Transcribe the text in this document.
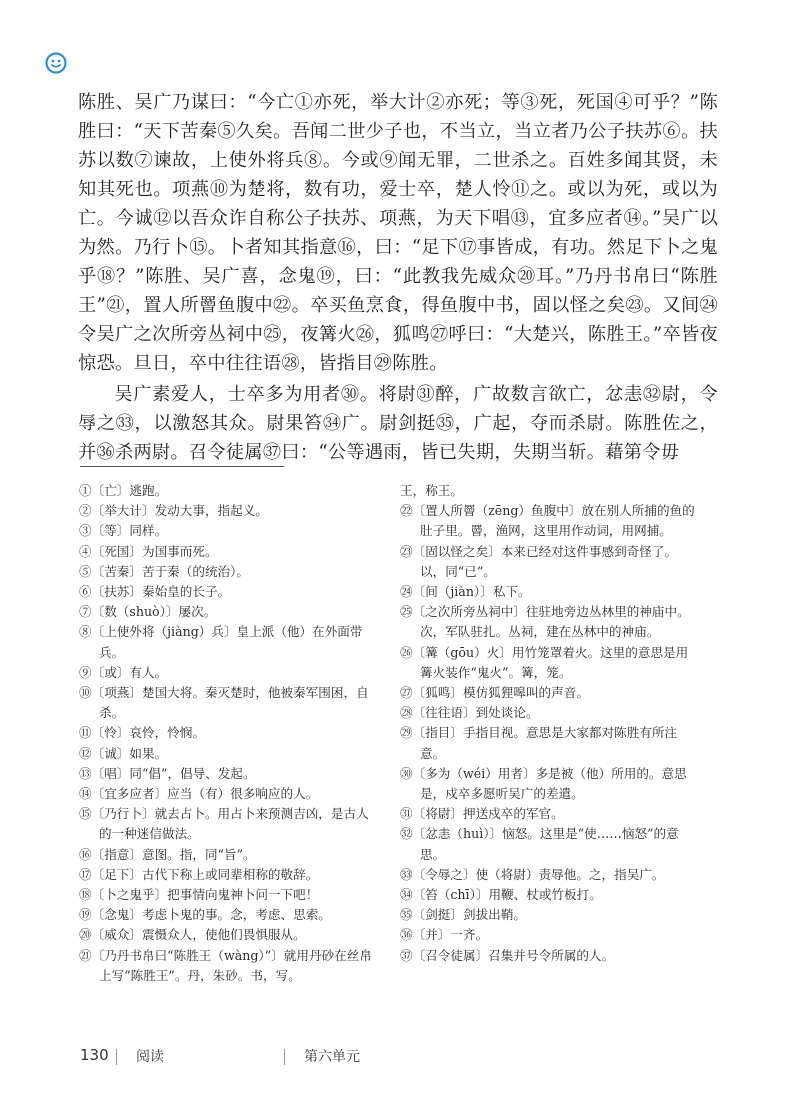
陈胜、吴广乃谋曰：“今亡①亦死，举大计②亦死；等③死，死国④可乎？”陈胜曰：“天下苦秦⑤久矣。吾闻二世少子也，不当立，当立者乃公子扶苏⑥。扶苏以数⑦谏故，上使外将兵⑧。今或⑨闻无罪，二世杀之。百姓多闻其贤，未知其死也。项燕⑩为楚将，数有功，爱士卒，楚人怜⑪之。或以为死，或以为亡。今诚⑫以吾众诈自称公子扶苏、项燕，为天下唱⑬，宜多应者⑭。”吴广以为然。乃行卜⑮。卜者知其指意⑯，曰：“足下⑰事皆成，有功。然足下卜之鬼乎⑱？”陈胜、吴广喜，念鬼⑲，曰：“此教我先威众⑳耳。”乃丹书帛曰“陈胜王”㉑，置人所罾鱼腹中㉒。卒买鱼烹食，得鱼腹中书，固以怪之矣㉓。又间㉔令吴广之次所旁丛祠中㉕，夜篝火㉖，狐鸣㉗呼曰：“大楚兴，陈胜王。”卒皆夜惊恐。旦日，卒中往往语㉘，皆指目㉙陈胜。

吴广素爱人，士卒多为用者㉚。将尉㉛醉，广故数言欲亡，忿恚㉜尉，令辱之㉝，以激怒其众。尉果笞㉞广。尉剑挺㉟，广起，夺而杀尉。陈胜佐之，并㊱杀两尉。召令徒属㊲曰：“公等遇雨，皆已失期，失期当斩。藉第令毋

①〔亡〕逃跑。

②〔举大计〕发动大事，指起义。

③〔等〕同样。

④〔死国〕为国事而死。

⑤〔苦秦〕苦于秦（的统治）。

⑥〔扶苏〕秦始皇的长子。

⑦〔数（shuò）〕屡次。

⑧〔上使外将（jiàng）兵〕皇上派（他）在外面带兵。

⑨〔或〕有人。

⑩〔项燕〕楚国大将。秦灭楚时，他被秦军围困，自杀。

⑪〔怜〕哀怜，怜悯。

⑫〔诚〕如果。

⑬〔唱〕同“倡”，倡导、发起。

⑭〔宜多应者〕应当（有）很多响应的人。

⑮〔乃行卜〕就去占卜。用占卜来预测吉凶，是古人的一种迷信做法。

⑯〔指意〕意图。指，同“旨”。

⑰〔足下〕古代下称上或同辈相称的敬辞。

⑱〔卜之鬼乎〕把事情向鬼神卜问一下吧！

⑲〔念鬼〕考虑卜鬼的事。念，考虑、思索。

⑳〔威众〕震慑众人，使他们畏惧服从。

㉑〔乃丹书帛曰“陈胜王（wàng）”〕就用丹砂在丝帛上写“陈胜王”。丹，朱砂。书，写。

王，称王。

㉒〔置人所罾（zēng）鱼腹中〕放在别人所捕的鱼的肚子里。罾，渔网，这里用作动词，用网捕。

㉓〔固以怪之矣〕本来已经对这件事感到奇怪了。以，同“已”。

㉔〔间（jiàn）〕私下。

㉕〔之次所旁丛祠中〕往驻地旁边丛林里的神庙中。次，军队驻扎。丛祠，建在丛林中的神庙。

㉖〔篝（gōu）火〕用竹笼罩着火。这里的意思是用篝火装作“鬼火”。篝，笼。

㉗〔狐鸣〕模仿狐狸嗥叫的声音。

㉘〔往往语〕到处谈论。

㉙〔指目〕手指目视。意思是大家都对陈胜有所注意。

㉚〔多为（wéi）用者〕多是被（他）所用的。意思是，戍卒多愿听吴广的差遣。

㉛〔将尉〕押送戍卒的军官。

㉜〔忿恚（huì）〕恼怒。这里是“使……恼怒”的意思。

㉝〔令辱之〕使（将尉）责辱他。之，指吴广。

㉞〔笞（chī）〕用鞭、杖或竹板打。

㉟〔剑挺〕剑拔出鞘。

㊱〔并〕一齐。

㊲〔召令徒属〕召集并号令所属的人。

130 阅读	第六单元
